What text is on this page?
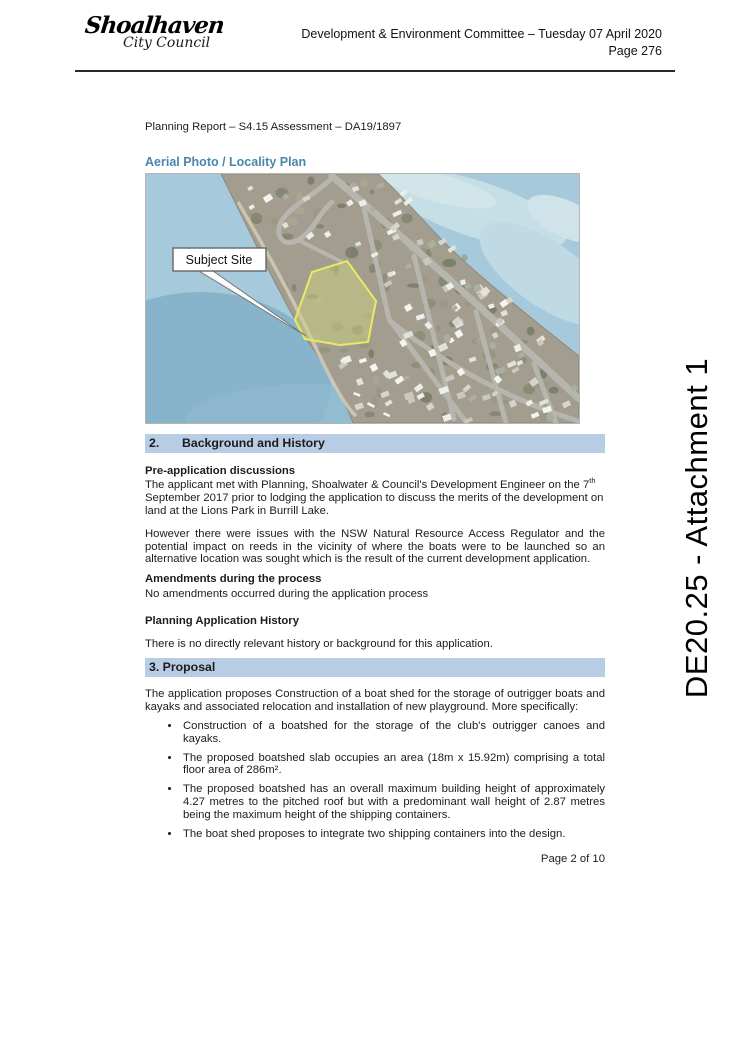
Shoalhaven
City Council
Development & Environment Committee – Tuesday 07 April 2020
Page 276
DE20.25 - Attachment 1
Planning Report – S4.15 Assessment – DA19/1897
Aerial Photo / Locality Plan
Subject Site
2.	Background and History
Pre-application discussions
The applicant met with Planning, Shoalwater & Council's Development Engineer on the 7th September 2017 prior to lodging the application to discuss the merits of the development on land at the Lions Park in Burrill Lake.
However there were issues with the NSW Natural Resource Access Regulator and the potential impact on reeds in the vicinity of where the boats were to be launched so an alternative location was sought which is the result of the current development application.
Amendments during the process
No amendments occurred during the application process
Planning Application History
There is no directly relevant history or background for this application.
3. Proposal
The application proposes Construction of a boat shed for the storage of outrigger boats and kayaks and associated relocation and installation of new playground. More specifically:
• Construction of a boatshed for the storage of the club's outrigger canoes and kayaks.
• The proposed boatshed slab occupies an area (18m x 15.92m) comprising a total floor area of 286m².
• The proposed boatshed has an overall maximum building height of approximately 4.27 metres to the pitched roof but with a predominant wall height of 2.87 metres being the maximum height of the shipping containers.
• The boat shed proposes to integrate two shipping containers into the design.
Page 2 of 10
